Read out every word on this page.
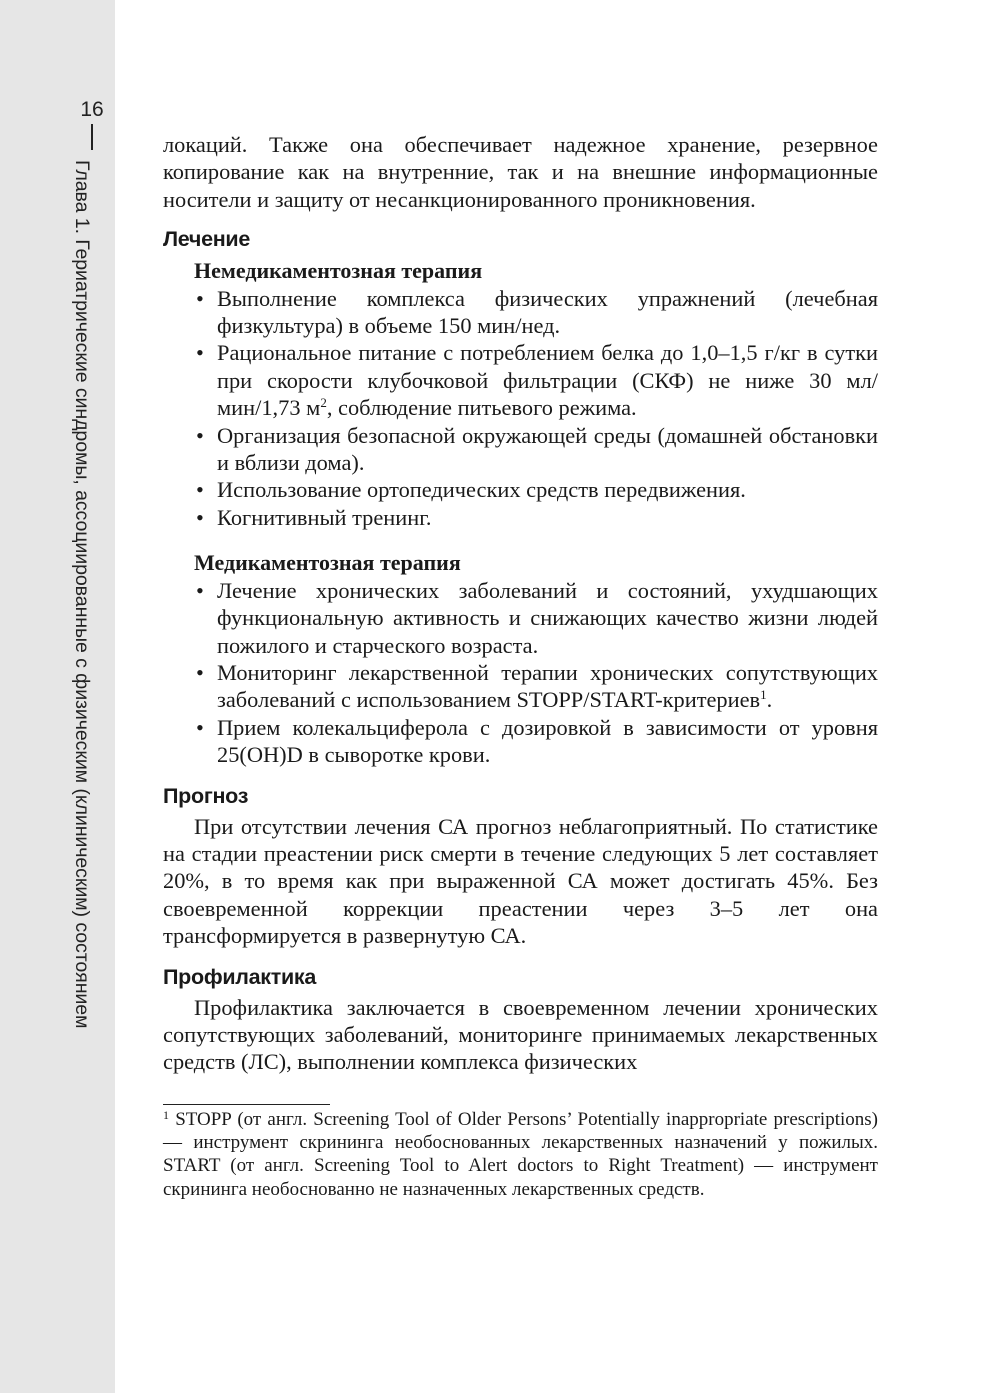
16
Глава 1. Гериатрические синдромы, ассоциированные с физическим (клиническим) состоянием

локаций. Также она обеспечивает надежное хранение, резервное копирование как на внутренние, так и на внешние информационные носители и защиту от несанкционированного проникновения.

Лечение
Немедикаментозная терапия
• Выполнение комплекса физических упражнений (лечебная физкультура) в объеме 150 мин/нед.
• Рациональное питание с потреблением белка до 1,0–1,5 г/кг в сутки при скорости клубочковой фильтрации (СКФ) не ниже 30 мл/мин/1,73 $м^2$, соблюдение питьевого режима.
• Организация безопасной окружающей среды (домашней обстановки и вблизи дома).
• Использование ортопедических средств передвижения.
• Когнитивный тренинг.
Медикаментозная терапия
• Лечение хронических заболеваний и состояний, ухудшающих функциональную активность и снижающих качество жизни людей пожилого и старческого возраста.
• Мониторинг лекарственной терапии хронических сопутствующих заболеваний с использованием STOPP/START-критериев$^1$.
• Прием колекальциферола с дозировкой в зависимости от уровня 25(OH)D в сыворотке крови.
Прогноз

При отсутствии лечения СА прогноз неблагоприятный. По статистике на стадии преастении риск смерти в течение следующих 5 лет составляет 20%, в то время как при выраженной СА может достигать 45%. Без своевременной коррекции преастении через 3–5 лет она трансформируется в развернутую СА.

Профилактика

Профилактика заключается в своевременном лечении хронических сопутствующих заболеваний, мониторинге принимаемых лекарственных средств (ЛС), выполнении комплекса физических

$^1$ STOPP (от англ. Screening Tool of Older Persons’ Potentially inappropriate prescriptions) — инструмент скрининга необоснованных лекарственных назначений у пожилых. START (от англ. Screening Tool to Alert doctors to Right Treatment) — инструмент скрининга необоснованно не назначенных лекарственных средств.
